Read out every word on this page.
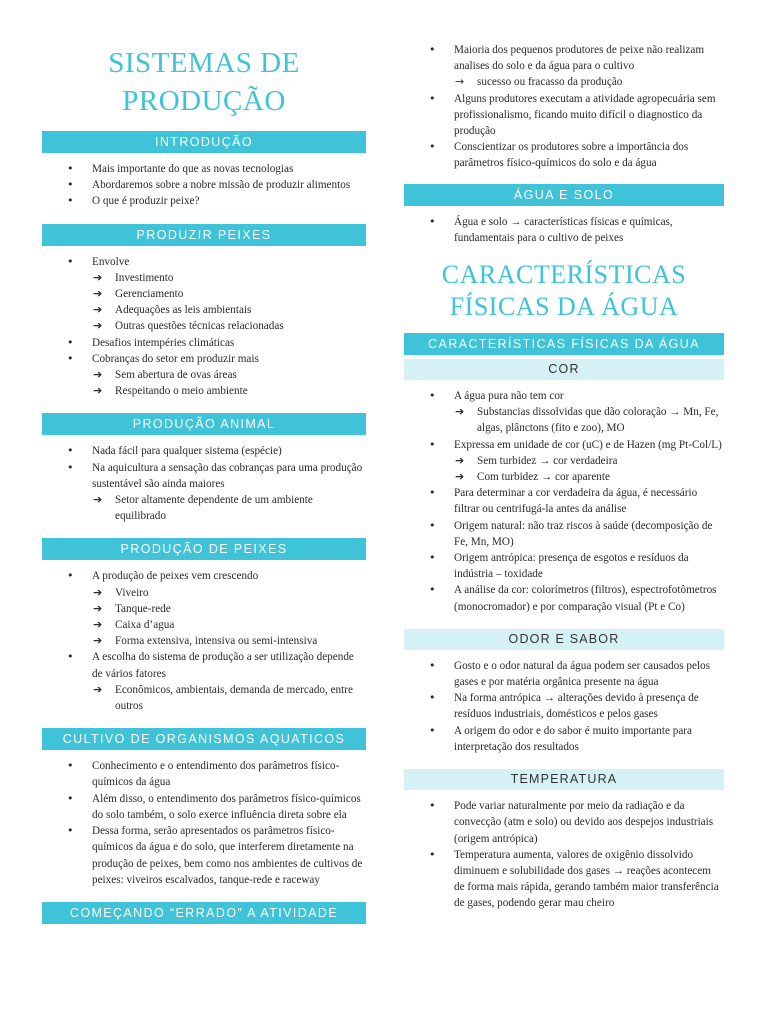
SISTEMAS DE
PRODUÇÃO
INTRODUÇÃO
• Mais importante do que as novas tecnologias
• Abordaremos sobre a nobre missão de produzir alimentos
• O que é produzir peixe?
PRODUZIR PEIXES
• Envolve
➔ Investimento
➔ Gerenciamento
➔ Adequações as leis ambientais
➔ Outras questões técnicas relacionadas
• Desafios intempéries climáticas
• Cobranças do setor em produzir mais
➔ Sem abertura de ovas áreas
➔ Respeitando o meio ambiente
PRODUÇÃO ANIMAL
• Nada fácil para qualquer sistema (espécie)
• Na aquicultura a sensação das cobranças para uma produção sustentável são ainda maiores
➔ Setor altamente dependente de um ambiente equilibrado
PRODUÇÃO DE PEIXES
• A produção de peixes vem crescendo
➔ Viveiro
➔ Tanque-rede
➔ Caixa d’agua
➔ Forma extensiva, intensiva ou semi-intensiva
• A escolha do sistema de produção a ser utilização depende de vários fatores
➔ Econômicos, ambientais, demanda de mercado, entre outros
CULTIVO DE ORGANISMOS AQUATICOS
• Conhecimento e o entendimento dos parâmetros físico-químicos da água
• Além disso, o entendimento dos parâmetros físico-químicos do solo também, o solo exerce influência direta sobre ela
• Dessa forma, serão apresentados os parâmetros físico-químicos da água e do solo, que interferem diretamente na produção de peixes, bem como nos ambientes de cultivos de peixes: viveiros escalvados, tanque-rede e raceway
COMEÇANDO “ERRADO” A ATIVIDADE
• Maioria dos pequenos produtores de peixe não realizam analises do solo e da água para o cultivo
→ sucesso ou fracasso da produção
• Alguns produtores executam a atividade agropecuária sem profissionalismo, ficando muito difícil o diagnostico da produção
• Conscientizar os produtores sobre a importância dos parâmetros físico-químicos do solo e da água
ÁGUA E SOLO
• Água e solo → características físicas e químicas, fundamentais para o cultivo de peixes
CARACTERÍSTICAS
FÍSICAS DA ÁGUA
CARACTERÍSTICAS FÍSICAS DA ÁGUA
COR
• A água pura não tem cor
➔ Substancias dissolvidas que dão coloração → Mn, Fe, algas, plânctons (fito e zoo), MO
• Expressa em unidade de cor (uC) e de Hazen (mg Pt-Col/L)
➔ Sem turbidez → cor verdadeira
➔ Com turbidez → cor aparente
• Para determinar a cor verdadeira da água, é necessário filtrar ou centrifugá-la antes da análise
• Origem natural: não traz riscos à saúde (decomposição de Fe, Mn, MO)
• Origem antrópica: presença de esgotos e resíduos da indústria – toxidade
• A análise da cor: colorímetros (filtros), espectrofotômetros (monocromador) e por comparação visual (Pt e Co)
ODOR E SABOR
• Gosto e o odor natural da água podem ser causados pelos gases e por matéria orgânica presente na água
• Na forma antrópica → alterações devido à presença de resíduos industriais, domésticos e pelos gases
• A origem do odor e do sabor é muito importante para interpretação dos resultados
TEMPERATURA
• Pode variar naturalmente por meio da radiação e da convecção (atm e solo) ou devido aos despejos industriais (origem antrópica)
• Temperatura aumenta, valores de oxigênio dissolvido diminuem e solubilidade dos gases → reações acontecem de forma mais rápida, gerando também maior transferência de gases, podendo gerar mau cheiro
